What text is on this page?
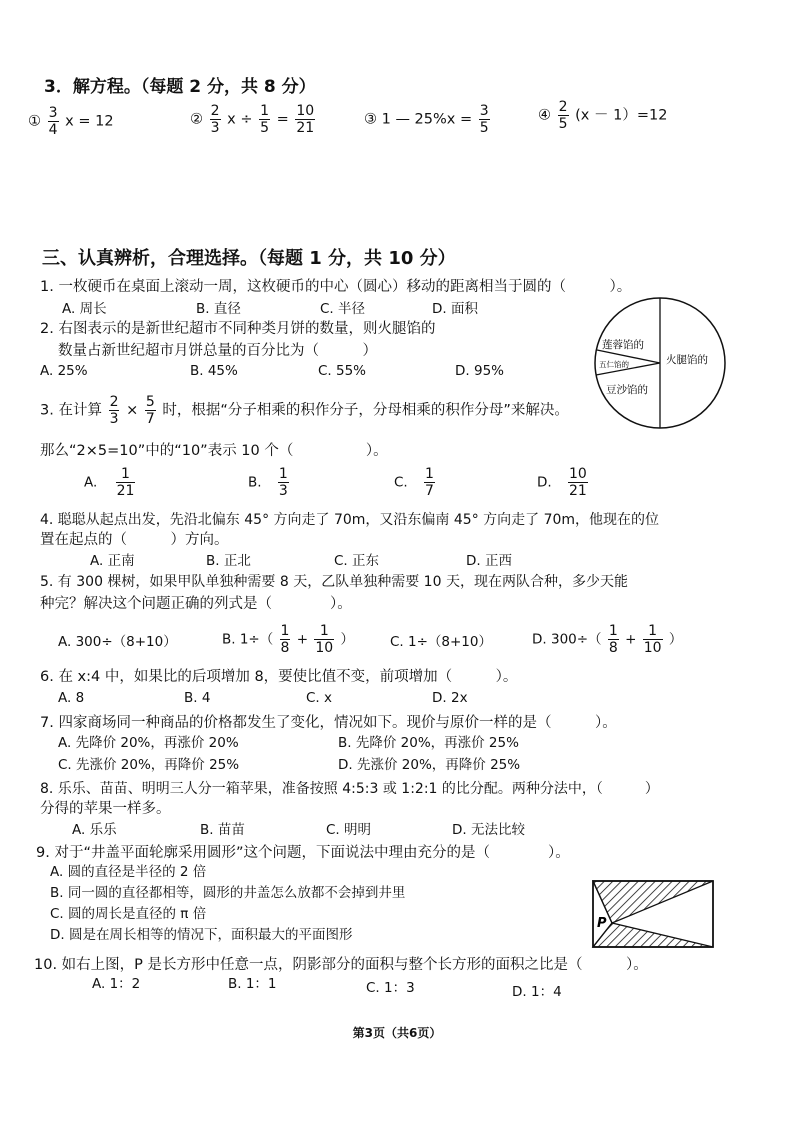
3．解方程。（每题 2 分，共 8 分）
① $\frac{3}{4}$ x = 12	② $\frac{2}{3}$ $x \div \frac{1}{5} = \frac{10}{21}$	③ 1 — $25\%x = \frac{3}{5}$	④ $\frac{2}{5} (x - 1)=12$
三、认真辨析，合理选择。（每题 1 分，共 10 分）
1. 一枚硬币在桌面上滚动一周，这枚硬币的中心（圆心）移动的距离相当于圆的（　　　）。
A. 周长	B. 直径	C. 半径	D. 面积
2. 右图表示的是新世纪超市不同种类月饼的数量，则火腿馅的
数量占新世纪超市月饼总量的百分比为（　　　）
A. 25%	B. 45%	C. 55%	D. 95%
莲蓉馅的
火腿馅的
五仁馅的
豆沙馅的
3. 在计算 $\frac{2}{3} \times \frac{5}{7}$ 时，根据“分子相乘的积作分子，分母相乘的积作分母”来解决。
那么“2×5=10”中的“10”表示 10 个（　　　　　）。
A. $\frac{1}{21}$	B. $\frac{1}{3}$	C. $\frac{1}{7}$	D. $\frac{10}{21}$
4. 聪聪从起点出发，先沿北偏东 45° 方向走了 70m，又沿东偏南 45° 方向走了 70m，他现在的位
置在起点的（　　　）方向。
A. 正南	B. 正北	C. 正东	D. 正西
5. 有 300 棵树，如果甲队单独种需要 8 天，乙队单独种需要 10 天，现在两队合种，多少天能
种完？解决这个问题正确的列式是（　　　　）。
A. 300÷（8+10）	B. $1\div( \frac{1}{8} + \frac{1}{10}$ ）	C. 1÷（8+10）	D. $300\div( \frac{1}{8} + \frac{1}{10}$ ）
6. 在 x:4 中，如果比的后项增加 8，要使比值不变，前项增加（　　　）。
A. 8	B. 4	C. x	D. 2x
7. 四家商场同一种商品的价格都发生了变化，情况如下。现价与原价一样的是（　　　）。
A. 先降价 20%，再涨价 20%	B. 先降价 20%，再涨价 25%
C. 先涨价 20%，再降价 25%	D. 先涨价 20%，再降价 25%
8. 乐乐、苗苗、明明三人分一箱苹果，准备按照 4:5:3 或 1:2:1 的比分配。两种分法中，（　　　）
分得的苹果一样多。
A. 乐乐	B. 苗苗	C. 明明	D. 无法比较
9. 对于“井盖平面轮廓采用圆形”这个问题，下面说法中理由充分的是（　　　　）。
A. 圆的直径是半径的 2 倍
B. 同一圆的直径都相等，圆形的井盖怎么放都不会掉到井里
C. 圆的周长是直径的 π 倍
D. 圆是在周长相等的情况下，面积最大的平面图形
P
10. 如右上图，P 是长方形中任意一点，阴影部分的面积与整个长方形的面积之比是（　　　）。
A. 1：2	B. 1：1	C. 1：3	D. 1：4
第3页（共6页）
